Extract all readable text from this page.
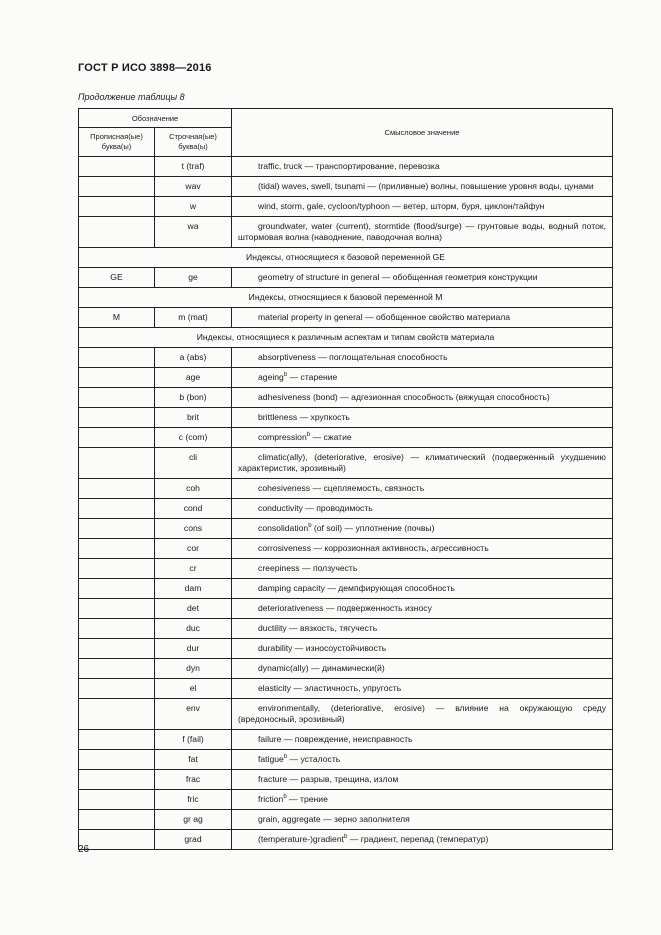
ГОСТ Р ИСО 3898—2016
Продолжение таблицы 8
Обозначение		Смысловое значение
Прописная(ые) буква(ы)	Строчная(ые) буква(ы)	
	t (traf)	traffic, truck — транспортирование, перевозка
	wav	(tidal) waves, swell, tsunami — (приливные) волны, повышение уровня воды, цунами
	w	wind, storm, gale, cycloon/typhoon — ветер, шторм, буря, циклон/тайфун
	wa	groundwater, water (current), stormtide (flood/surge) — грунтовые воды, водный поток, штормовая волна (наводнение, паводочная волна)
Индексы, относящиеся к базовой переменной GE		
GE	ge	geometry of structure in general — обобщенная геометрия конструкции
Индексы, относящиеся к базовой переменной M		
M	m (mat)	material property in general — обобщенное свойство материала
Индексы, относящиеся к различным аспектам и типам свойств материала		
	a (abs)	absorptiveness — поглощательная способность
	age	ageing$^b$ — старение
	b (bon)	adhesiveness (bond) — адгезионная способность (вяжущая способность)
	brit	brittleness — хрупкость
	c (com)	compression$^b$ — сжатие
	cli	climatic(ally), (deteriorative, erosive) — климатический (подверженный ухудшению характеристик, эрозивный)
	coh	cohesiveness — сцепляемость, связность
	cond	conductivity — проводимость
	cons	consolidation$^b$ (of soil) — уплотнение (почвы)
	cor	corrosiveness — коррозионная активность, агрессивность
	cr	creepiness — ползучесть
	dam	damping capacity — демпфирующая способность
	det	deteriorativeness — подверженность износу
	duc	ductility — вязкость, тягучесть
	dur	durability — износоустойчивость
	dyn	dynamic(ally) — динамически(й)
	el	elasticity — эластичность, упругость
	env	environmentally, (deteriorative, erosive) — влияние на окружающую среду (вредоносный, эрозивный)
	f (fail)	failure — повреждение, неисправность
	fat	fatigue$^b$ — усталость
	frac	fracture — разрыв, трещина, излом
	fric	friction$^b$ — трение
	gr ag	grain, aggregate — зерно заполнителя
	grad	(temperature-)gradient$^b$ — градиент, перепад (температур)
26
